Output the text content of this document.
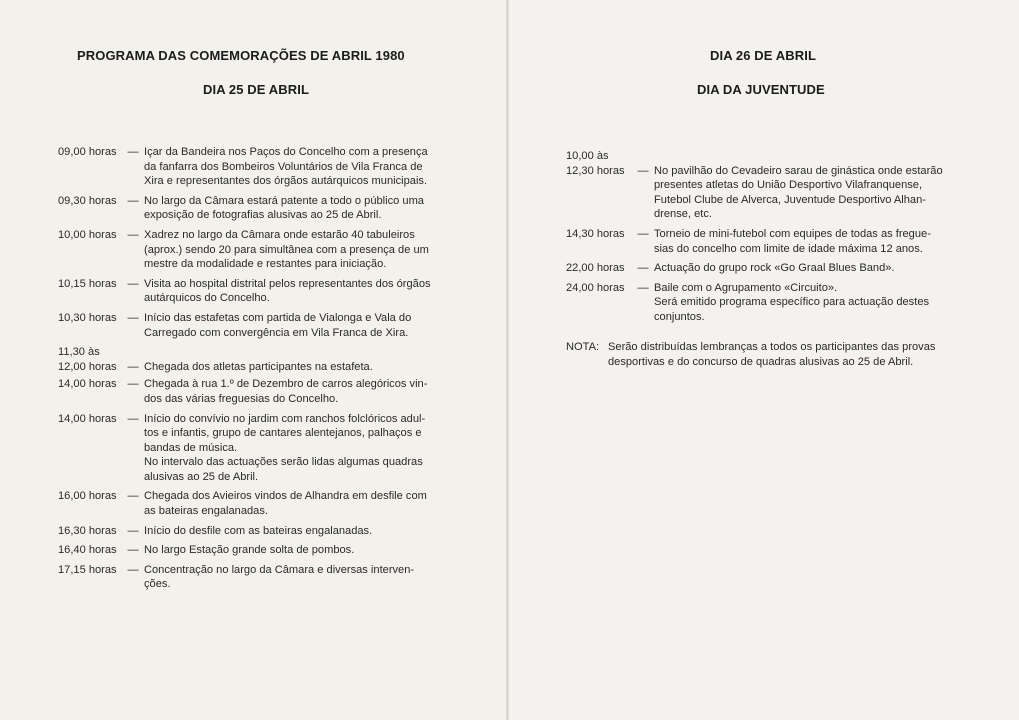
PROGRAMA DAS COMEMORAÇÕES DE ABRIL 1980
DIA 25 DE ABRIL
DIA 26 DE ABRIL
DIA DA JUVENTUDE
09,00 horas — Içar da Bandeira nos Paços do Concelho com a presença
da fanfarra dos Bombeiros Voluntários de Vila Franca de
Xira e representantes dos órgãos autárquicos municipais.
09,30 horas — No largo da Câmara estará patente a todo o público uma
exposição de fotografias alusivas ao 25 de Abril.
10,00 horas — Xadrez no largo da Câmara onde estarão 40 tabuleiros
(aprox.) sendo 20 para simultânea com a presença de um
mestre da modalidade e restantes para iniciação.
10,15 horas — Visita ao hospital distrital pelos representantes dos órgãos
autárquicos do Concelho.
10,30 horas — Início das estafetas com partida de Vialonga e Vala do
Carregado com convergência em Vila Franca de Xira.
11,30 às
12,00 horas — Chegada dos atletas participantes na estafeta.
14,00 horas — Chegada à rua 1.º de Dezembro de carros alegóricos vin-
dos das várias freguesias do Concelho.
14,00 horas — Início do convívio no jardim com ranchos folclóricos adul-
tos e infantis, grupo de cantares alentejanos, palhaços e
bandas de música.
No intervalo das actuações serão lidas algumas quadras
alusivas ao 25 de Abril.
16,00 horas — Chegada dos Avieiros vindos de Alhandra em desfile com
as bateiras engalanadas.
16,30 horas — Início do desfile com as bateiras engalanadas.
16,40 horas — No largo Estação grande solta de pombos.
17,15 horas — Concentração no largo da Câmara e diversas interven-
ções.
10,00 às
12,30 horas	— No pavilhão do Cevadeiro sarau de ginástica onde estarão
presentes atletas do União Desportivo Vilafranquense,
Futebol Clube de Alverca, Juventude Desportivo Alhan-
drense, etc.
14,30 horas	— Torneio de mini-futebol com equipes de todas as fregue-
sias do concelho com limite de idade máxima 12 anos.
22,00 horas	— Actuação do grupo rock «Go Graal Blues Band».
24,00 horas	— Baile com o Agrupamento «Circuito».
Será emitido programa específico para actuação destes
conjuntos.
NOTA: Serão distribuídas lembranças a todos os participantes das provas
desportivas e do concurso de quadras alusivas ao 25 de Abril.
